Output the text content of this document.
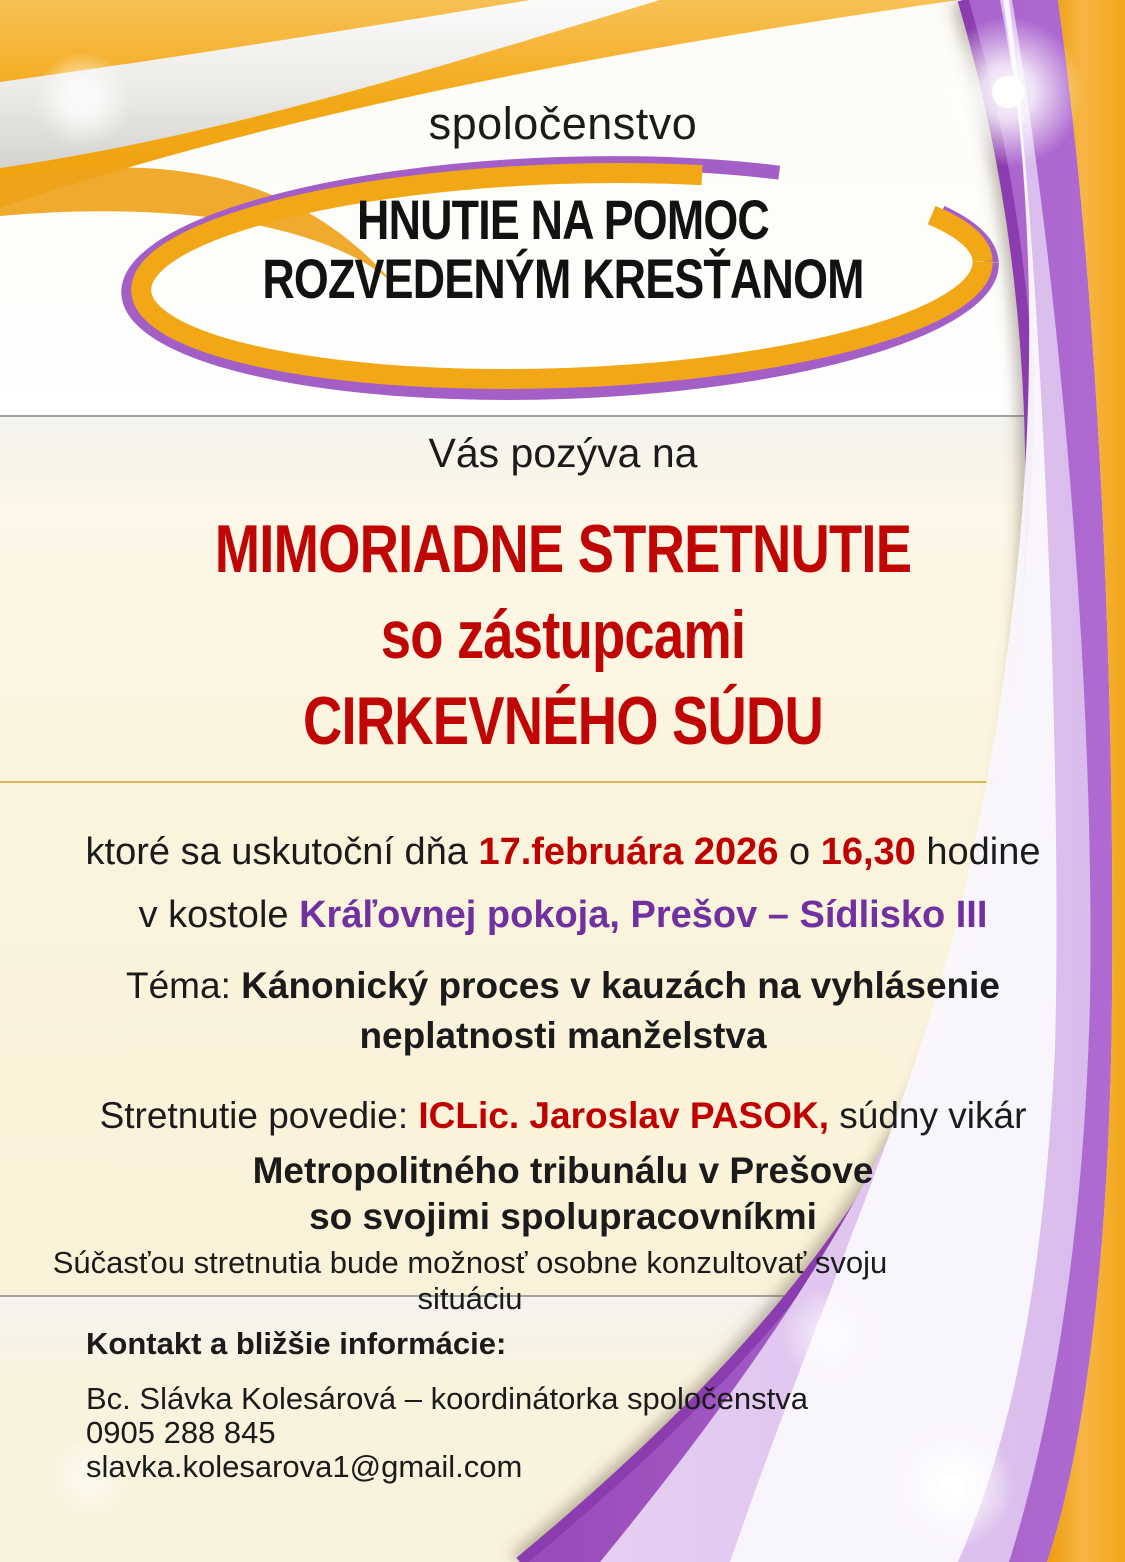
spoločenstvo
HNUTIE NA POMOC
ROZVEDENÝM KRESŤANOM
Vás pozýva na
MIMORIADNE STRETNUTIE
so zástupcami
CIRKEVNÉHO SÚDU
ktoré sa uskutoční dňa 17.februára 2026 o 16,30 hodine
v kostole Kráľovnej pokoja, Prešov – Sídlisko III
Téma: Kánonický proces v kauzách na vyhlásenie
neplatnosti manželstva
Stretnutie povedie: ICLic. Jaroslav PASOK, súdny vikár
Metropolitného tribunálu v Prešove
so svojimi spolupracovníkmi
Súčasťou stretnutia bude možnosť osobne konzultovať svoju situáciu
Kontakt a bližšie informácie:
Bc. Slávka Kolesárová – koordinátorka spoločenstva
0905 288 845
slavka.kolesarova1@gmail.com
